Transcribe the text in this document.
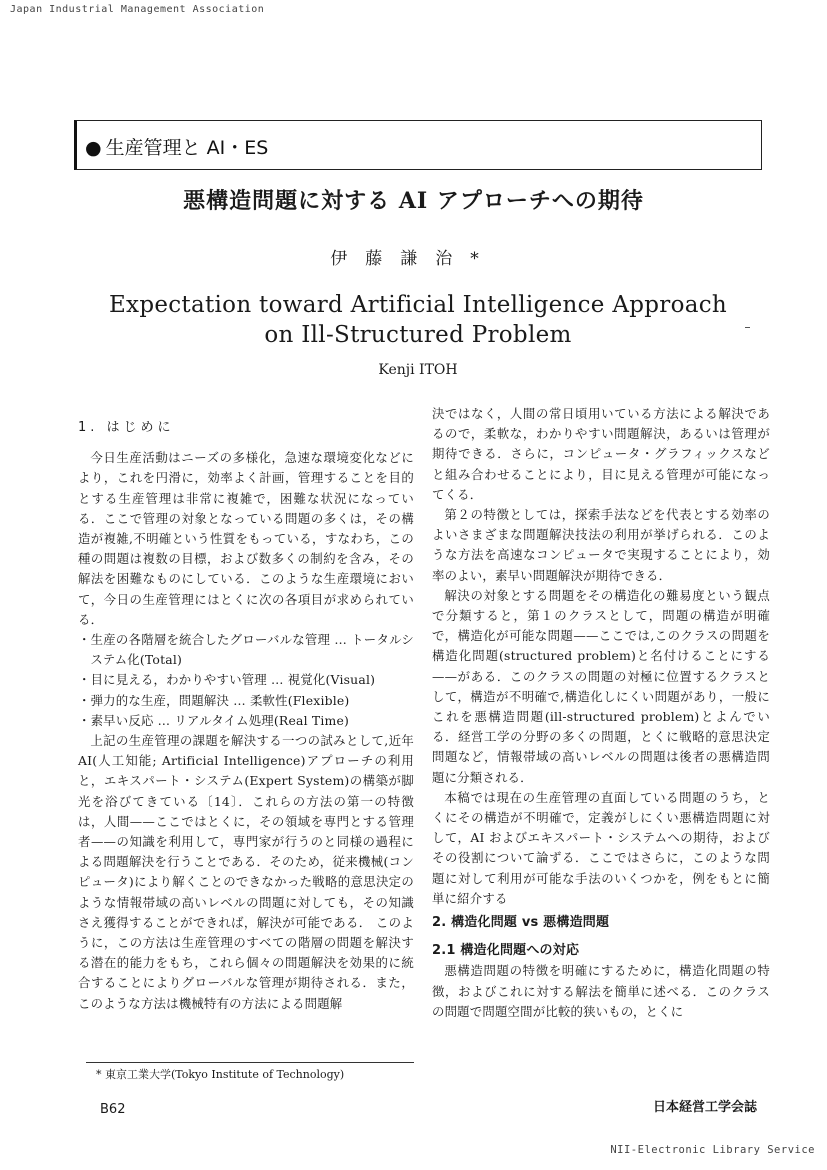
Japan Industrial Management Association
● 生産管理と AI・ES
悪構造問題に対する AI アプローチへの期待
伊藤謙治*
Expectation toward Artificial Intelligence Approach
on Ill-Structured Problem
Kenji ITOH

1. はじめに

今日生産活動はニーズの多様化，急速な環境変化などにより，これを円滑に，効率よく計画，管理することを目的とする生産管理は非常に複雑で，困難な状況になっている．ここで管理の対象となっている問題の多くは，その構造が複雑,不明確という性質をもっている，すなわち，この種の問題は複数の目標，および数多くの制約を含み，その解法を困難なものにしている．このような生産環境において，今日の生産管理にはとくに次の各項目が求められている．

・生産の各階層を統合したグローバルな管理 … トータルシステム化(Total)

・目に見える，わかりやすい管理 … 視覚化(Visual)

・弾力的な生産，問題解決 … 柔軟性(Flexible)

・素早い反応 … リアルタイム処理(Real Time)

上記の生産管理の課題を解決する一つの試みとして,近年 AI(人工知能; Artificial Intelligence)アプローチの利用と，エキスパート・システム(Expert System)の構築が脚光を浴びてきている〔14〕．これらの方法の第一の特徴は，人間——ここではとくに，その領域を専門とする管理者——の知識を利用して，専門家が行うのと同様の過程による問題解決を行うことである．そのため，従来機械(コンピュータ)により解くことのできなかった戦略的意思決定のような情報帯域の高いレベルの問題に対しても，その知識さえ獲得することができれば，解決が可能である． このように，この方法は生産管理のすべての階層の問題を解決する潜在的能力をもち，これら個々の問題解決を効果的に統合することによりグローバルな管理が期待される．また，このような方法は機械特有の方法による問題解

決ではなく，人間の常日頃用いている方法による解決であるので，柔軟な，わかりやすい問題解決，あるいは管理が期待できる．さらに，コンピュータ・グラフィックスなどと組み合わせることにより，目に見える管理が可能になってくる．

第２の特徴としては，探索手法などを代表とする効率のよいさまざまな問題解決技法の利用が挙げられる．このような方法を高速なコンピュータで実現することにより，効率のよい，素早い問題解決が期待できる．

解決の対象とする問題をその構造化の難易度という観点で分類すると，第１のクラスとして，問題の構造が明確で，構造化が可能な問題——ここでは,このクラスの問題を構造化問題(structured problem)と名付けることにする——がある．このクラスの問題の対極に位置するクラスとして，構造が不明確で,構造化しにくい問題があり，一般にこれを悪構造問題(ill-structured problem)とよんでいる．経営工学の分野の多くの問題，とくに戦略的意思決定問題など，情報帯域の高いレベルの問題は後者の悪構造問題に分類される．

本稿では現在の生産管理の直面している問題のうち，とくにその構造が不明確で，定義がしにくい悪構造問題に対して，AI およびエキスパート・システムへの期待，およびその役割について論ずる．ここではさらに，このような問題に対して利用が可能な手法のいくつかを，例をもとに簡単に紹介する

2. 構造化問題 vs 悪構造問題

2.1 構造化問題への対応

悪構造問題の特徴を明確にするために，構造化問題の特徴，およびこれに対する解法を簡単に述べる．このクラスの問題で問題空間が比較的狭いもの，とくに

* 東京工業大学(Tokyo Institute of Technology)
B62	日本経営工学会誌
NII-Electronic Library Service
